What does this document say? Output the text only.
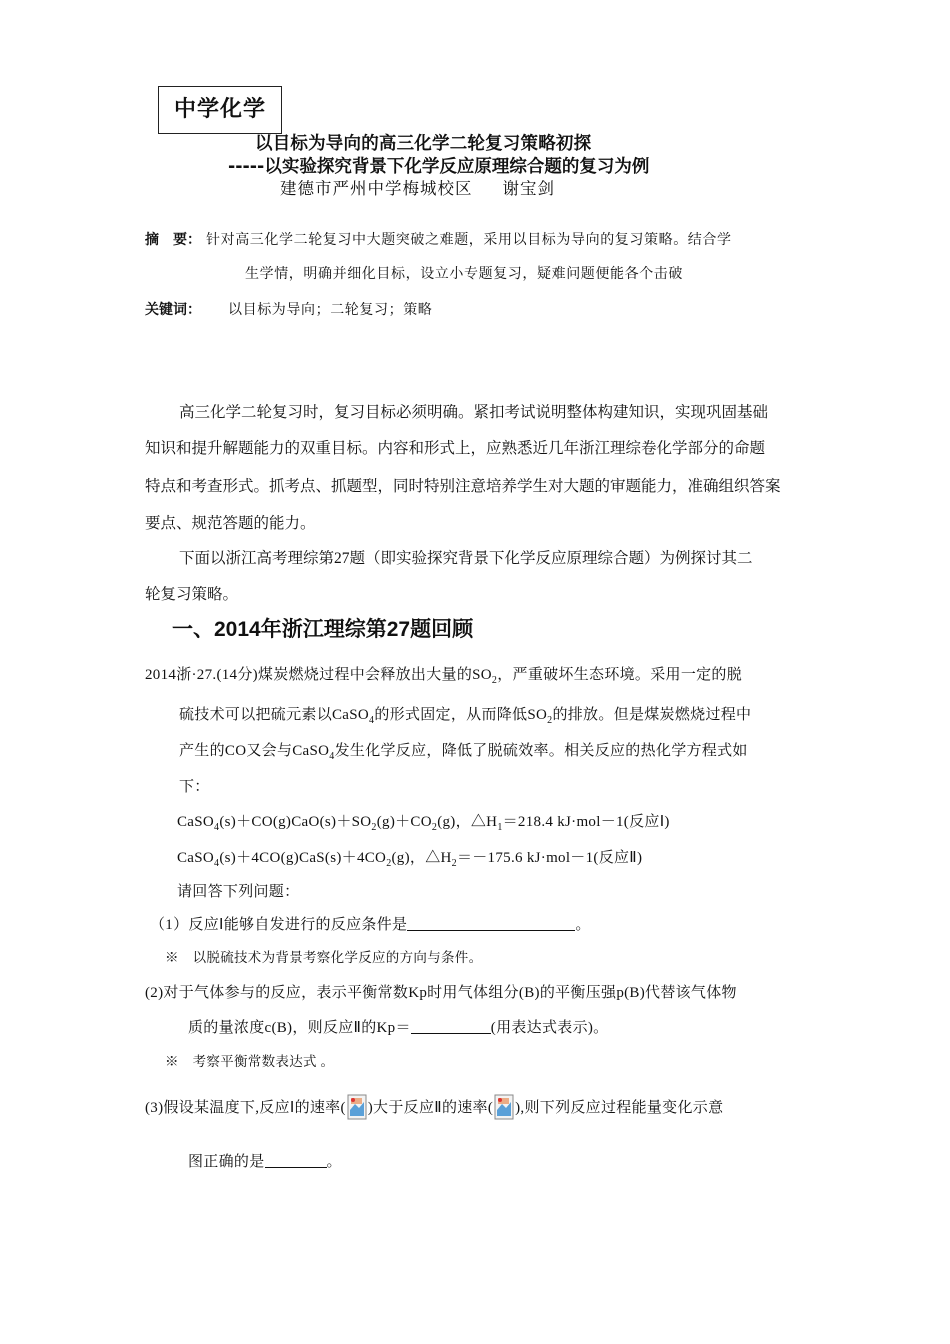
中学化学
以目标为导向的高三化学二轮复习策略初探
-----以实验探究背景下化学反应原理综合题的复习为例
建德市严州中学梅城校区 谢宝剑
摘　要： 针对高三化学二轮复习中大题突破之难题，采用以目标为导向的复习策略。结合学
生学情，明确并细化目标，设立小专题复习，疑难问题便能各个击破
关键词： 以目标为导向；二轮复习；策略
高三化学二轮复习时，复习目标必须明确。紧扣考试说明整体构建知识，实现巩固基础
知识和提升解题能力的双重目标。内容和形式上，应熟悉近几年浙江理综卷化学部分的命题
特点和考查形式。抓考点、抓题型，同时特别注意培养学生对大题的审题能力，准确组织答案
要点、规范答题的能力。
下面以浙江高考理综第27题（即实验探究背景下化学反应原理综合题）为例探讨其二
轮复习策略。
一、2014年浙江理综第27题回顾
2014浙·27.(14分)煤炭燃烧过程中会释放出大量的$SO_2$，严重破坏生态环境。采用一定的脱
硫技术可以把硫元素以CaSO$_4$的形式固定，从而降低$SO_2$的排放。但是煤炭燃烧过程中
产生的CO又会与CaSO$_4$发生化学反应，降低了脱硫效率。相关反应的热化学方程式如
下：
$CaSO_4(s)+CO(g)CaO(s)+SO_2(g)+CO_2(g)$，$\triangle H_1=218.4$ kJ·mol－1(反应Ⅰ)
$CaSO_4(s)+4CO(g)CaS(s)+4CO_2(g)$，$\triangle H_2=-175.6$ kJ·mol－1(反应Ⅱ)
请回答下列问题：
（1）反应Ⅰ能够自发进行的反应条件是	。
※　以脱硫技术为背景考察化学反应的方向与条件。
(2)对于气体参与的反应，表示平衡常数Kp时用气体组分(B)的平衡压强p(B)代替该气体物
质的量浓度c(B)，则反应Ⅱ的Kp＝	(用表达式表示)。
※　考察平衡常数表达式 。
(3)假设某温度下,反应Ⅰ的速率( )大于反应Ⅱ的速率( ),则下列反应过程能量变化示意
图正确的是	。
